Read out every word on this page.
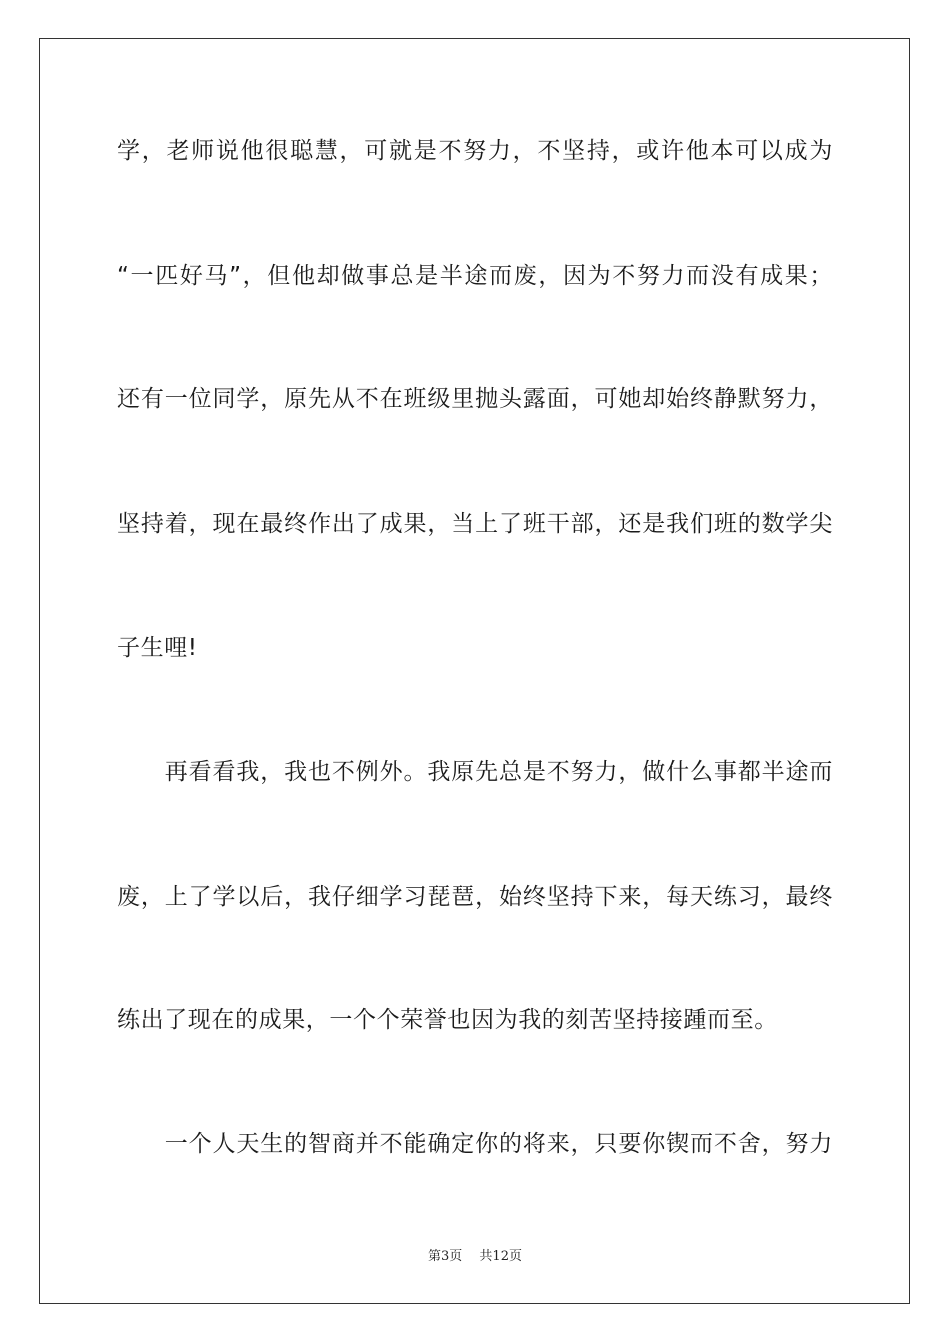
学，老师说他很聪慧，可就是不努力，不坚持，或许他本可以成为
“一匹好马”，但他却做事总是半途而废，因为不努力而没有成果；
还有一位同学，原先从不在班级里抛头露面，可她却始终静默努力，
坚持着，现在最终作出了成果，当上了班干部，还是我们班的数学尖
子生哩!
　　再看看我，我也不例外。我原先总是不努力，做什么事都半途而
废，上了学以后，我仔细学习琵琶，始终坚持下来，每天练习，最终
练出了现在的成果，一个个荣誉也因为我的刻苦坚持接踵而至。
　　一个人天生的智商并不能确定你的将来，只要你锲而不舍，努力
第3页　 共12页
